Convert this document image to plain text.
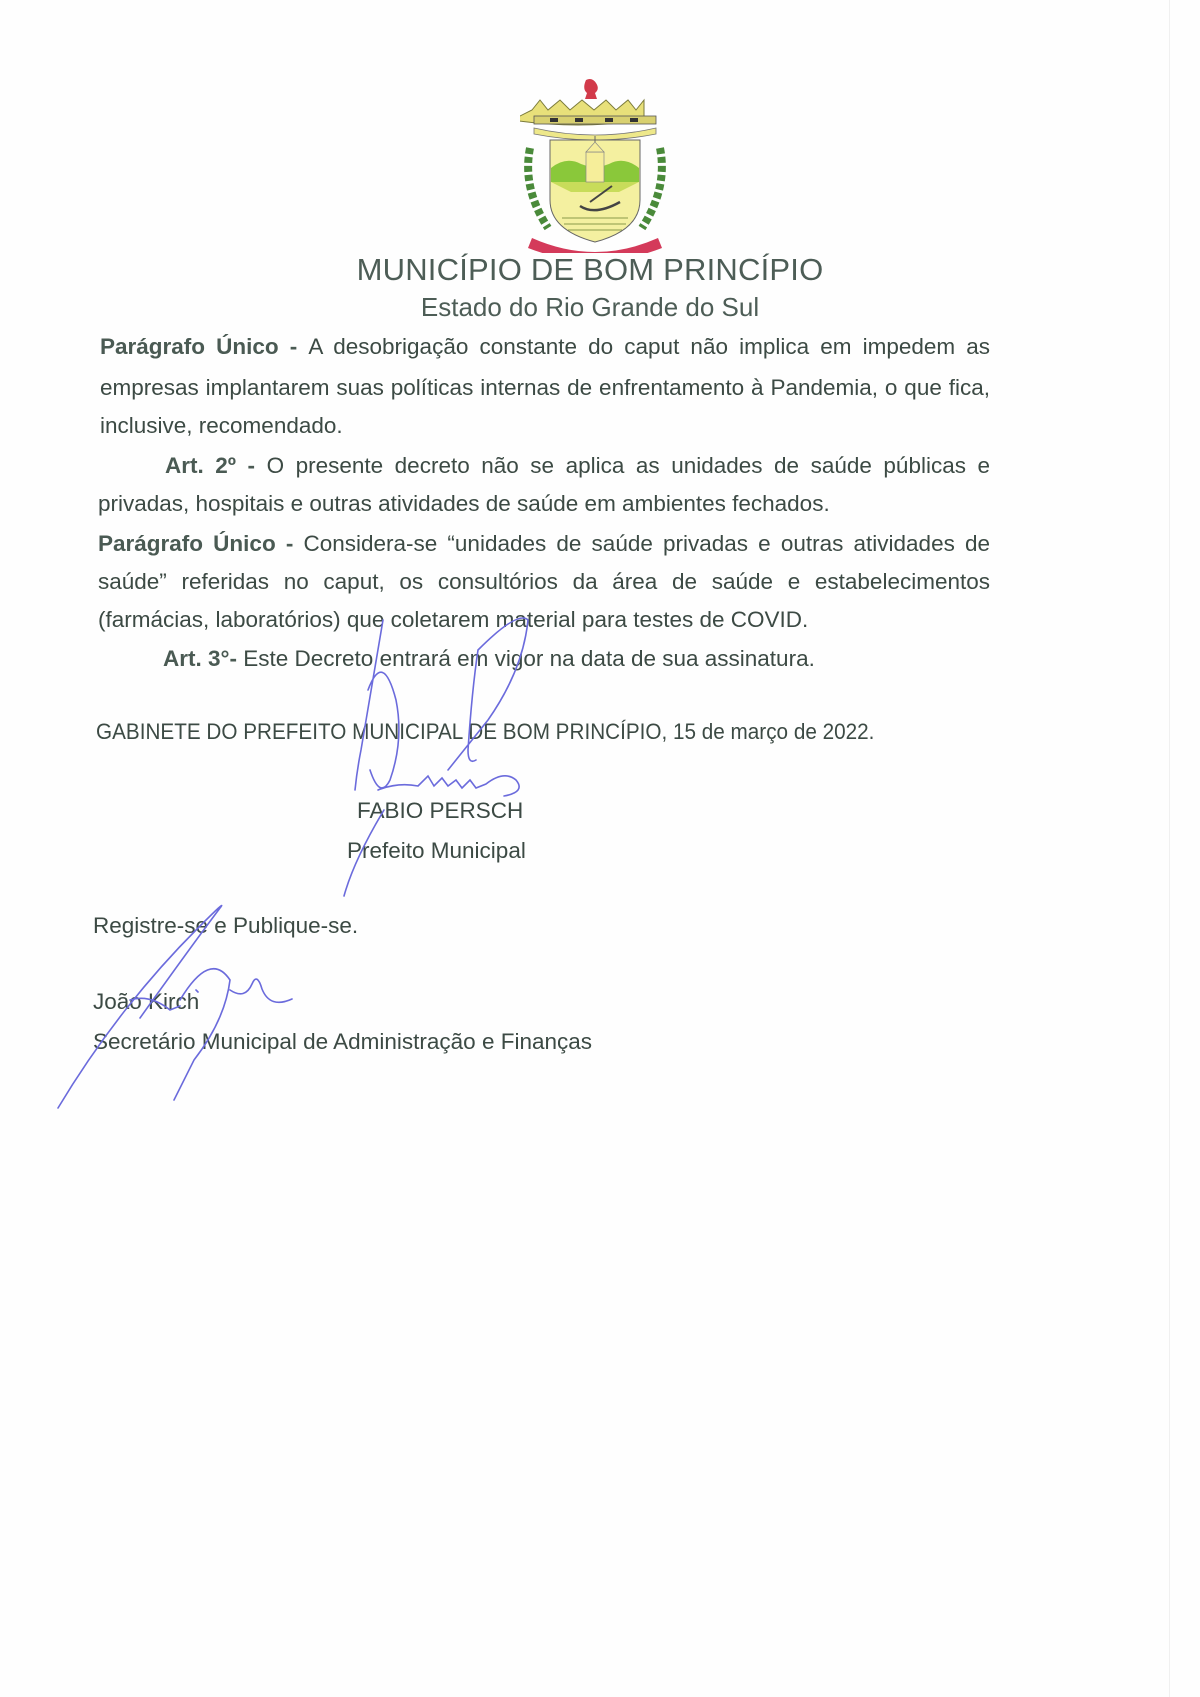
MUNICÍPIO DE BOM PRINCÍPIO
Estado do Rio Grande do Sul
Parágrafo Único - A desobrigação constante do caput não implica em impedem as
empresas implantarem suas políticas internas de enfrentamento à Pandemia, o que fica,
inclusive, recomendado.
Art. 2º - O presente decreto não se aplica as unidades de saúde públicas e
privadas, hospitais e outras atividades de saúde em ambientes fechados.
Parágrafo Único - Considera-se “unidades de saúde privadas e outras atividades de
saúde” referidas no caput, os consultórios da área de saúde e estabelecimentos
(farmácias, laboratórios) que coletarem material para testes de COVID.
Art. 3°- Este Decreto entrará em vigor na data de sua assinatura.
GABINETE DO PREFEITO MUNICIPAL DE BOM PRINCÍPIO, 15 de março de 2022.
FABIO PERSCH
Prefeito Municipal
Registre-se e Publique-se.
João Kirch
Secretário Municipal de Administração e Finanças
